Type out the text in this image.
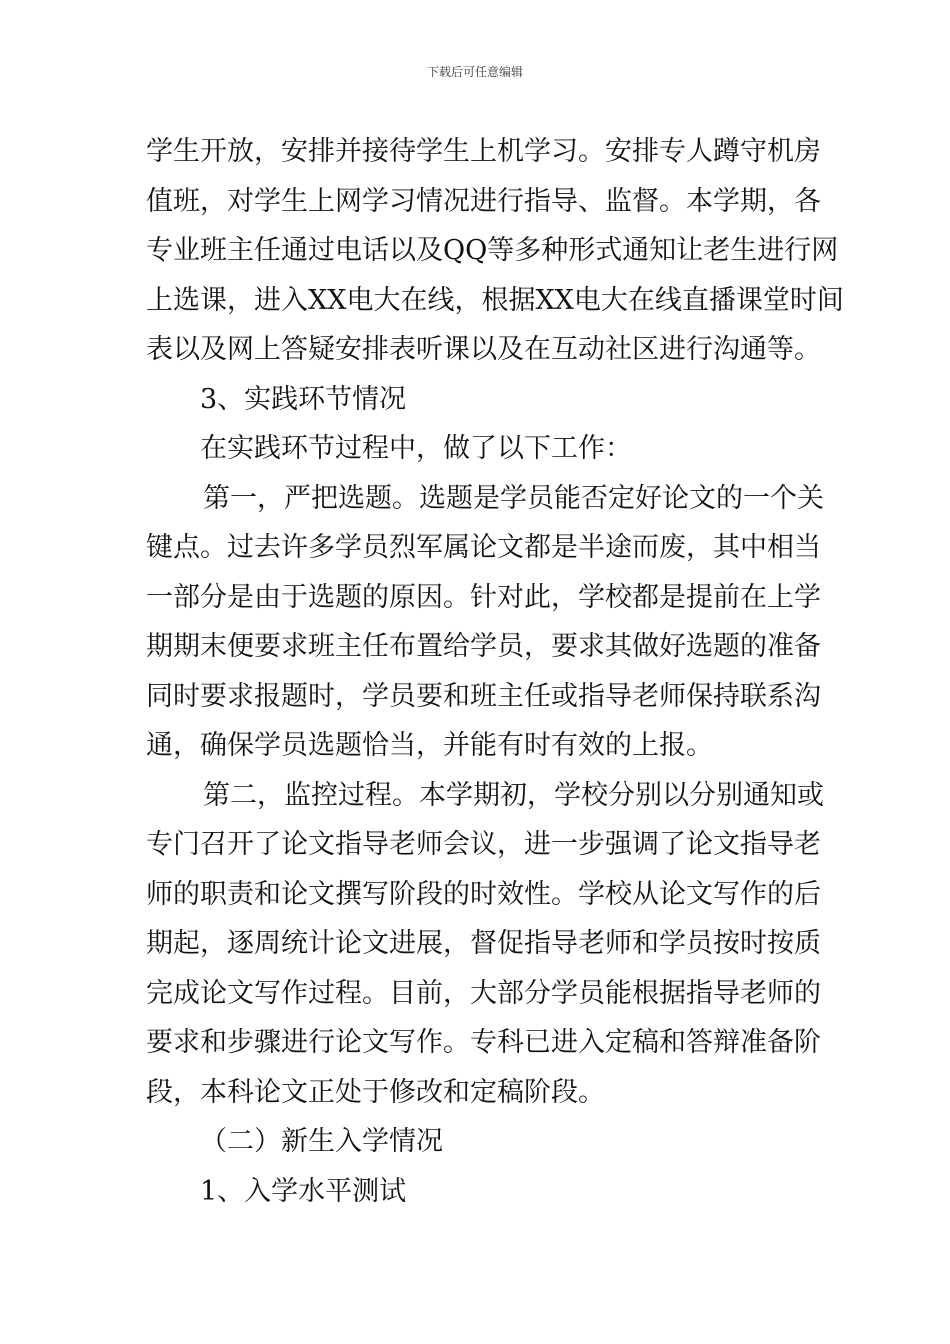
下载后可任意编辑
学生开放，安排并接待学生上机学习。安排专人蹲守机房
值班，对学生上网学习情况进行指导、监督。本学期，各
专业班主任通过电话以及QQ等多种形式通知让老生进行网
上选课，进入XX电大在线，根据XX电大在线直播课堂时间
表以及网上答疑安排表听课以及在互动社区进行沟通等。
3、实践环节情况
在实践环节过程中，做了以下工作：
第一，严把选题。选题是学员能否定好论文的一个关
键点。过去许多学员烈军属论文都是半途而废，其中相当
一部分是由于选题的原因。针对此，学校都是提前在上学
期期末便要求班主任布置给学员，要求其做好选题的准备
同时要求报题时，学员要和班主任或指导老师保持联系沟
通，确保学员选题恰当，并能有时有效的上报。
第二，监控过程。本学期初，学校分别以分别通知或
专门召开了论文指导老师会议，进一步强调了论文指导老
师的职责和论文撰写阶段的时效性。学校从论文写作的后
期起，逐周统计论文进展，督促指导老师和学员按时按质
完成论文写作过程。目前，大部分学员能根据指导老师的
要求和步骤进行论文写作。专科已进入定稿和答辩准备阶
段，本科论文正处于修改和定稿阶段。
（二）新生入学情况
1、入学水平测试
